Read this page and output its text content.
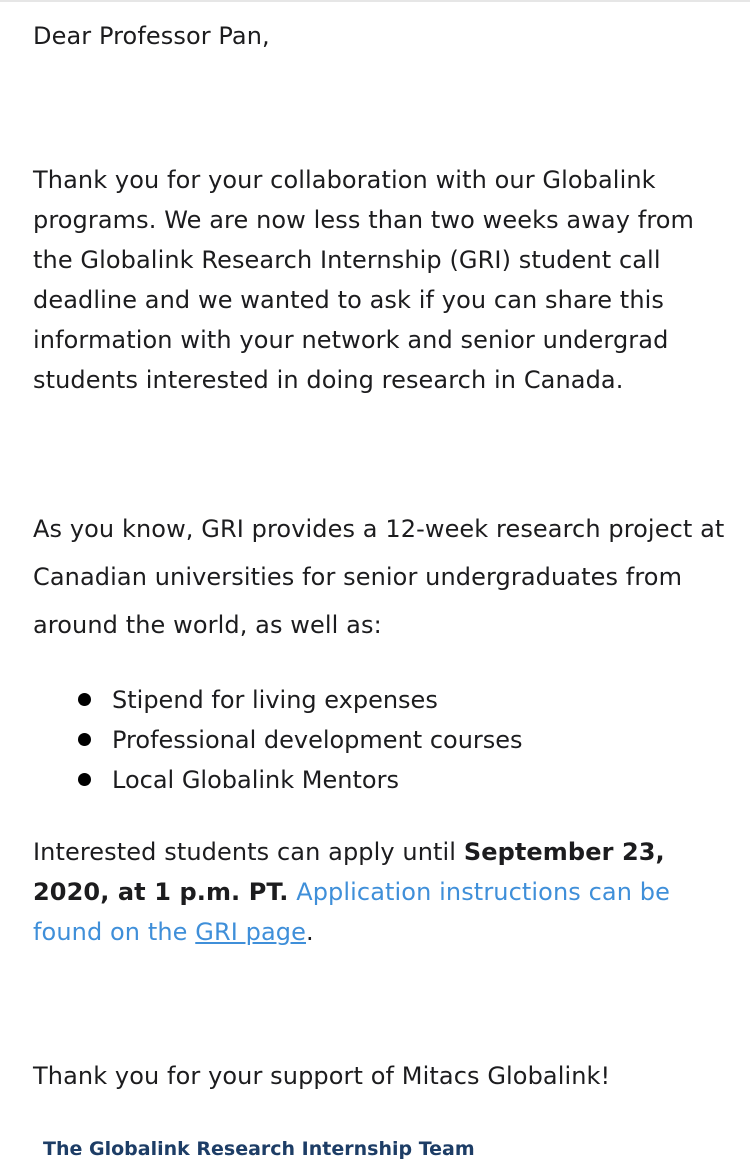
Dear Professor Pan,

Thank you for your collaboration with our Globalink programs. We are now less than two weeks away from the Globalink Research Internship (GRI) student call deadline and we wanted to ask if you can share this information with your network and senior undergrad students interested in doing research in Canada.

As you know, GRI provides a 12-week research project at Canadian universities for senior undergraduates from around the world, as well as:

Stipend for living expenses
Professional development courses
Local Globalink Mentors

Interested students can apply until September 23, 2020, at 1 p.m. PT. Application instructions can be found on the GRI page.

Thank you for your support of Mitacs Globalink!

The Globalink Research Internship Team
